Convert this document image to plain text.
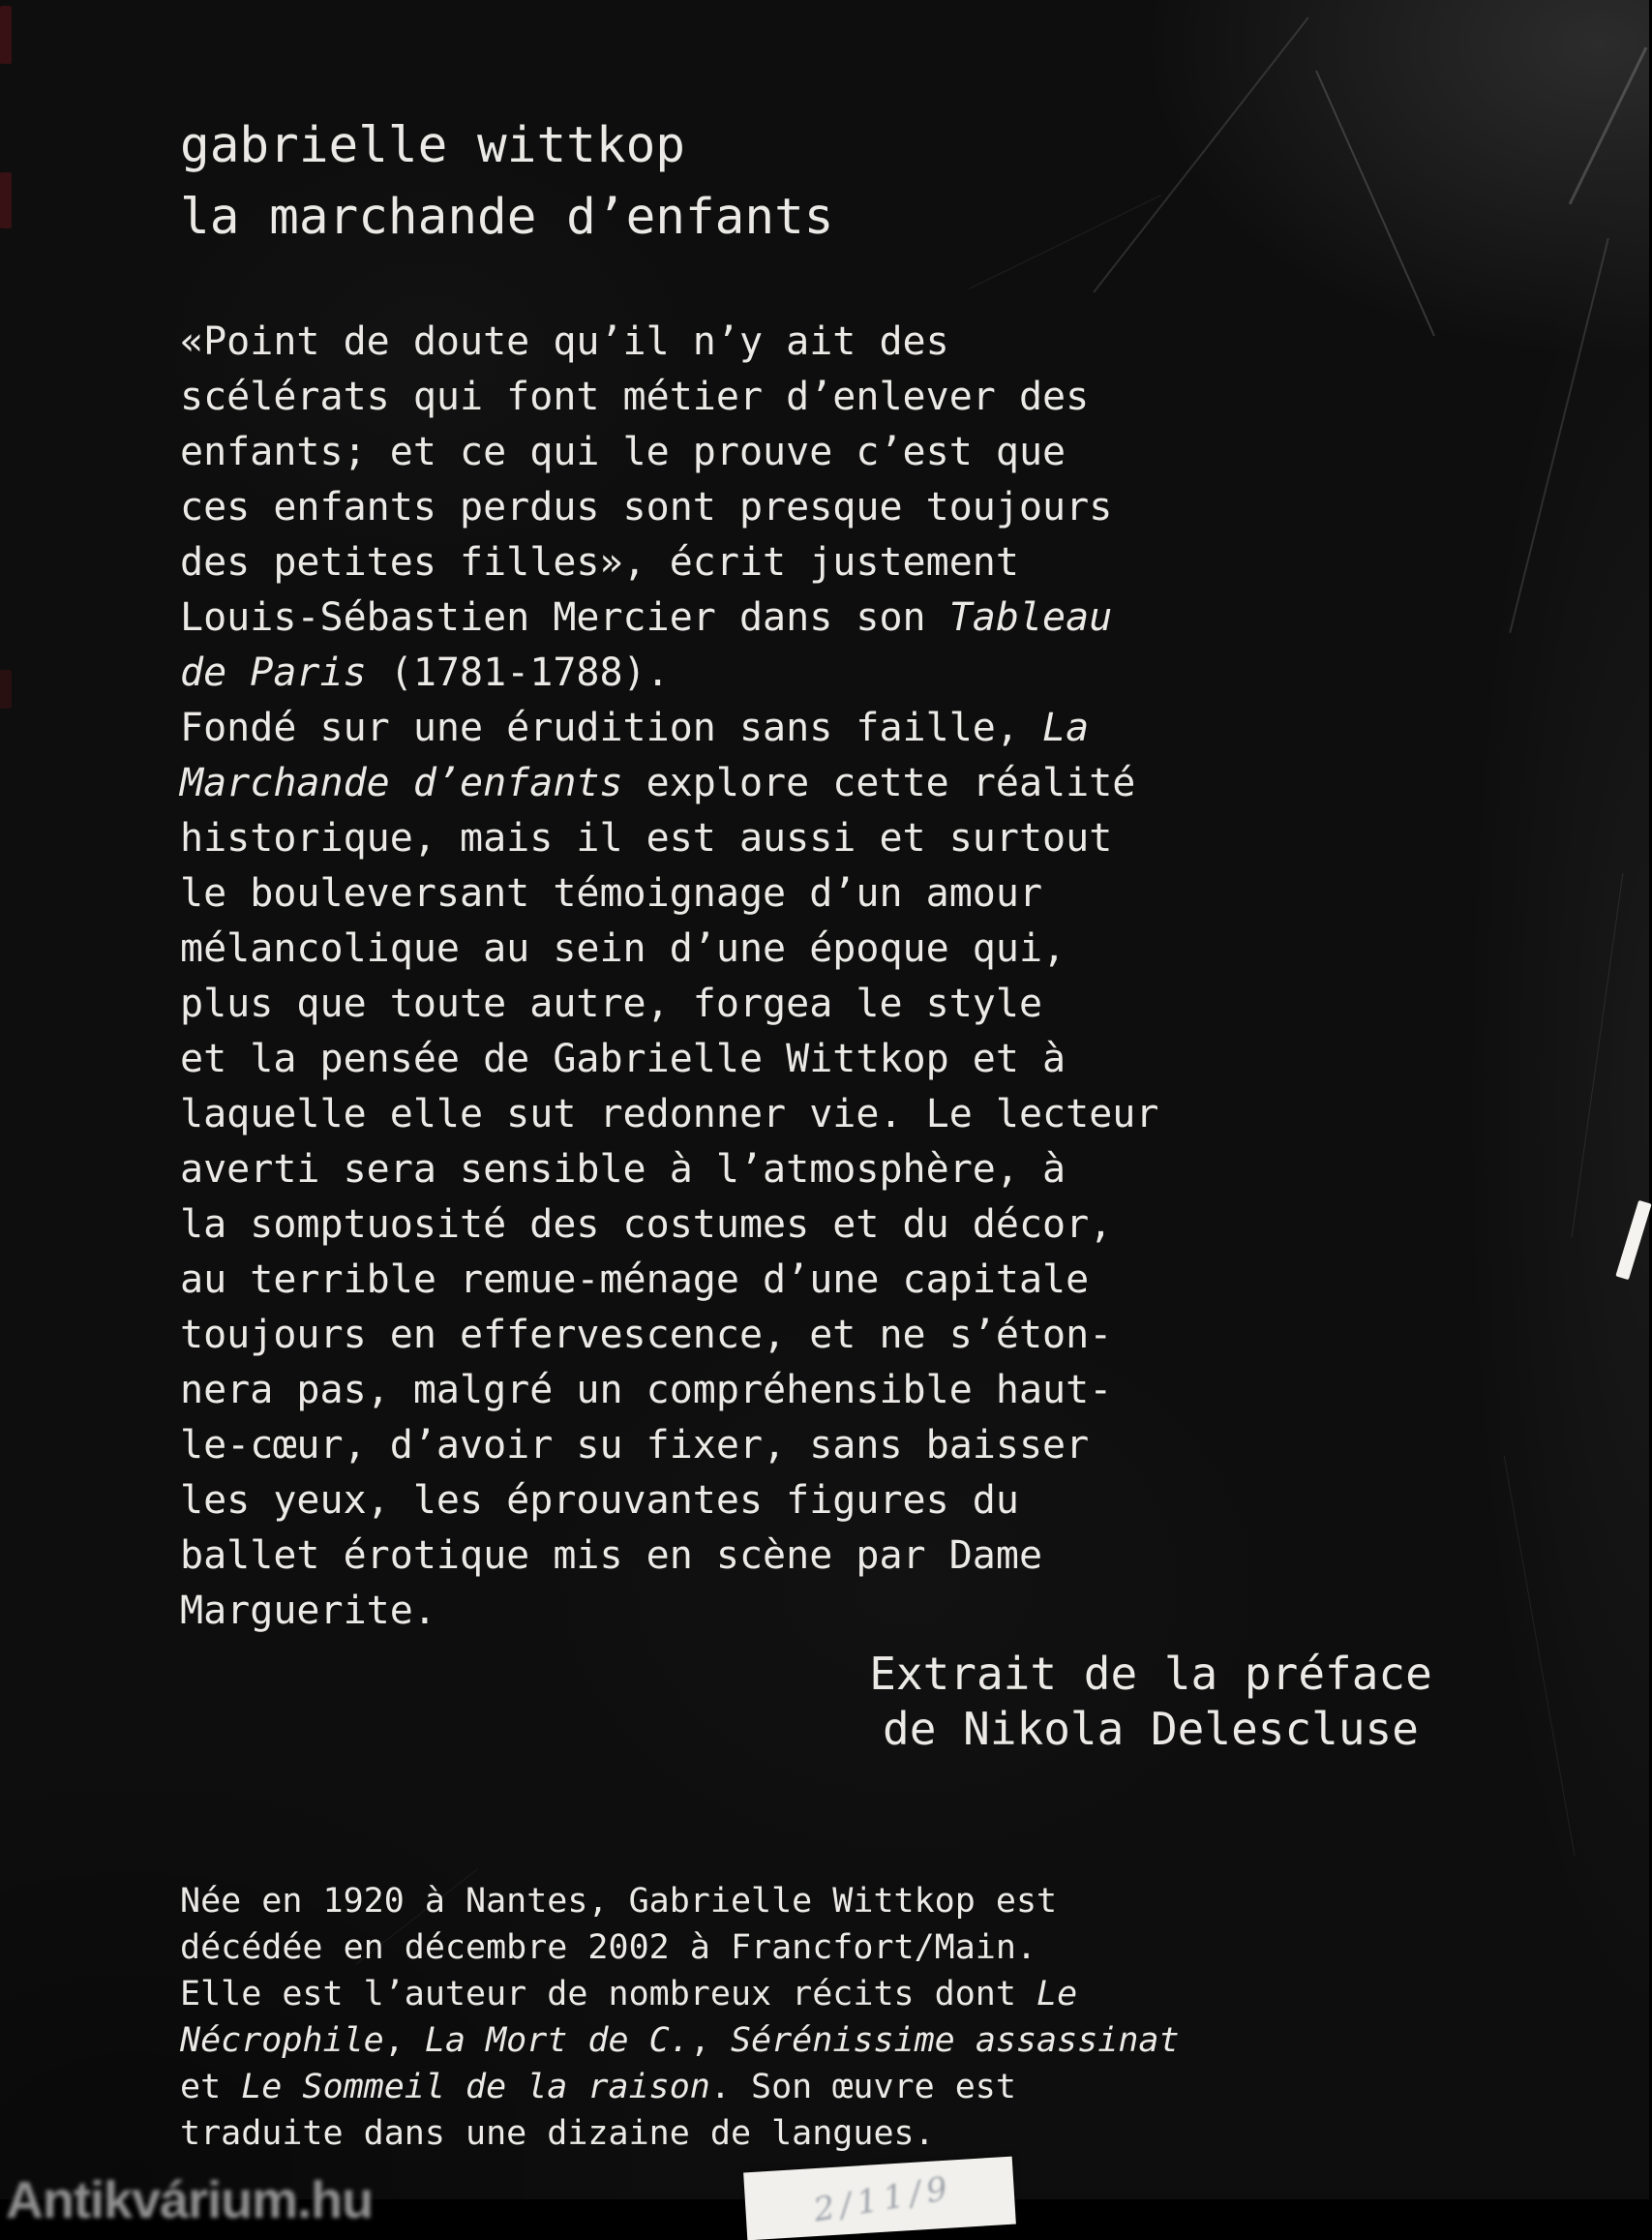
gabrielle wittkop
la marchande d’enfants
«Point de doute qu’il n’y ait des
scélérats qui font métier d’enlever des
enfants; et ce qui le prouve c’est que
ces enfants perdus sont presque toujours
des petites filles», écrit justement
Louis-Sébastien Mercier dans son Tableau
de Paris (1781-1788).
Fondé sur une érudition sans faille, La
Marchande d’enfants explore cette réalité
historique, mais il est aussi et surtout
le bouleversant témoignage d’un amour
mélancolique au sein d’une époque qui,
plus que toute autre, forgea le style
et la pensée de Gabrielle Wittkop et à
laquelle elle sut redonner vie. Le lecteur
averti sera sensible à l’atmosphère, à
la somptuosité des costumes et du décor,
au terrible remue-ménage d’une capitale
toujours en effervescence, et ne s’éton-
nera pas, malgré un compréhensible haut-
le-cœur, d’avoir su fixer, sans baisser
les yeux, les éprouvantes figures du
ballet érotique mis en scène par Dame
Marguerite.
Extrait de la préface
de Nikola Delescluse
Née en 1920 à Nantes, Gabrielle Wittkop est
décédée en décembre 2002 à Francfort/Main.
Elle est l’auteur de nombreux récits dont Le
Nécrophile, La Mort de C., Sérénissime assassinat
et Le Sommeil de la raison. Son œuvre est
traduite dans une dizaine de langues.
2/11/9
Antikvárium.hu
